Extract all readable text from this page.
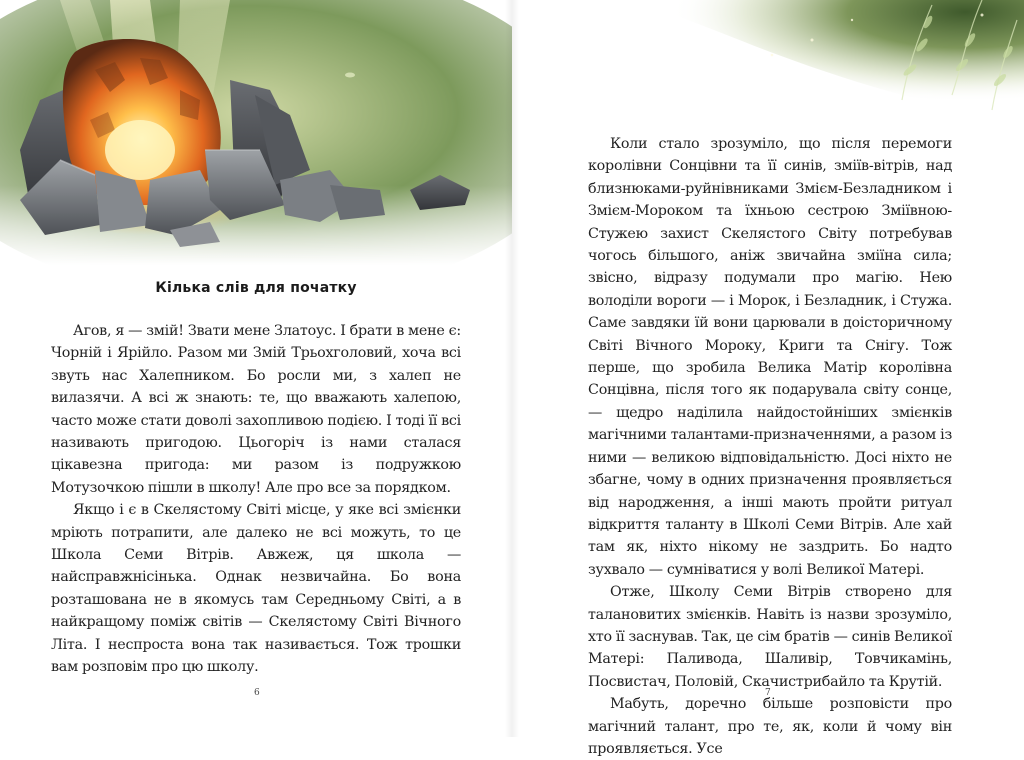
Кілька слів для початку

Агов, я — змій! Звати мене Златоус. І брати в мене є: Чорній і Ярійло. Разом ми Змій Трьохголовий, хоча всі звуть нас Халепником. Бо росли ми, з халеп не вилазячи. А всі ж знають: те, що вважають халепою, часто може стати доволі захопливою подією. І тоді її всі називають пригодою. Цьогоріч із нами сталася цікавезна пригода: ми разом із подружкою Мотузочкою пішли в школу! Але про все за порядком.

Якщо і є в Скелястому Світі місце, у яке всі змієнки мріють потрапити, але далеко не всі можуть, то це Школа Семи Вітрів. Авжеж, ця школа — найсправжнісінька. Однак незвичайна. Бо вона розташована не в якомусь там Середньому Світі, а в найкращому поміж світів — Скелястому Світі Вічного Літа. І неспроста вона так називається. Тож трошки вам розповім про цю школу.

6	7

Коли стало зрозуміло, що після перемоги королівни Сонцівни та її синів, зміїв-вітрів, над близнюками-руйнівниками Змієм-Безладником і Змієм-Мороком та їхньою сестрою Зміївною-Стужею захист Скелястого Світу потребував чогось більшого, аніж звичайна зміїна сила; звісно, відразу подумали про магію. Нею володіли вороги — і Морок, і Безладник, і Стужа. Саме завдяки їй вони царювали в доісторичному Світі Вічного Мороку, Криги та Снігу. Тож перше, що зробила Велика Матір королівна Сонцівна, після того як подарувала світу сонце, — щедро наділила найдостойніших змієнків магічними талантами-призначеннями, а разом із ними — великою відповідальністю. Досі ніхто не збагне, чому в одних призначення проявляється від народження, а інші мають пройти ритуал відкриття таланту в Школі Семи Вітрів. Але хай там як, ніхто нікому не заздрить. Бо надто зухвало — сумніватися у волі Великої Матері.

Отже, Школу Семи Вітрів створено для талановитих змієнків. Навіть із назви зрозуміло, хто її заснував. Так, це сім братів — синів Великої Матері: Паливода, Шаливір, Товчикамінь, Посвистач, Половій, Скачистрибайло та Крутій.

Мабуть, доречно більше розповісти про магічний талант, про те, як, коли й чому він проявляється. Усе
